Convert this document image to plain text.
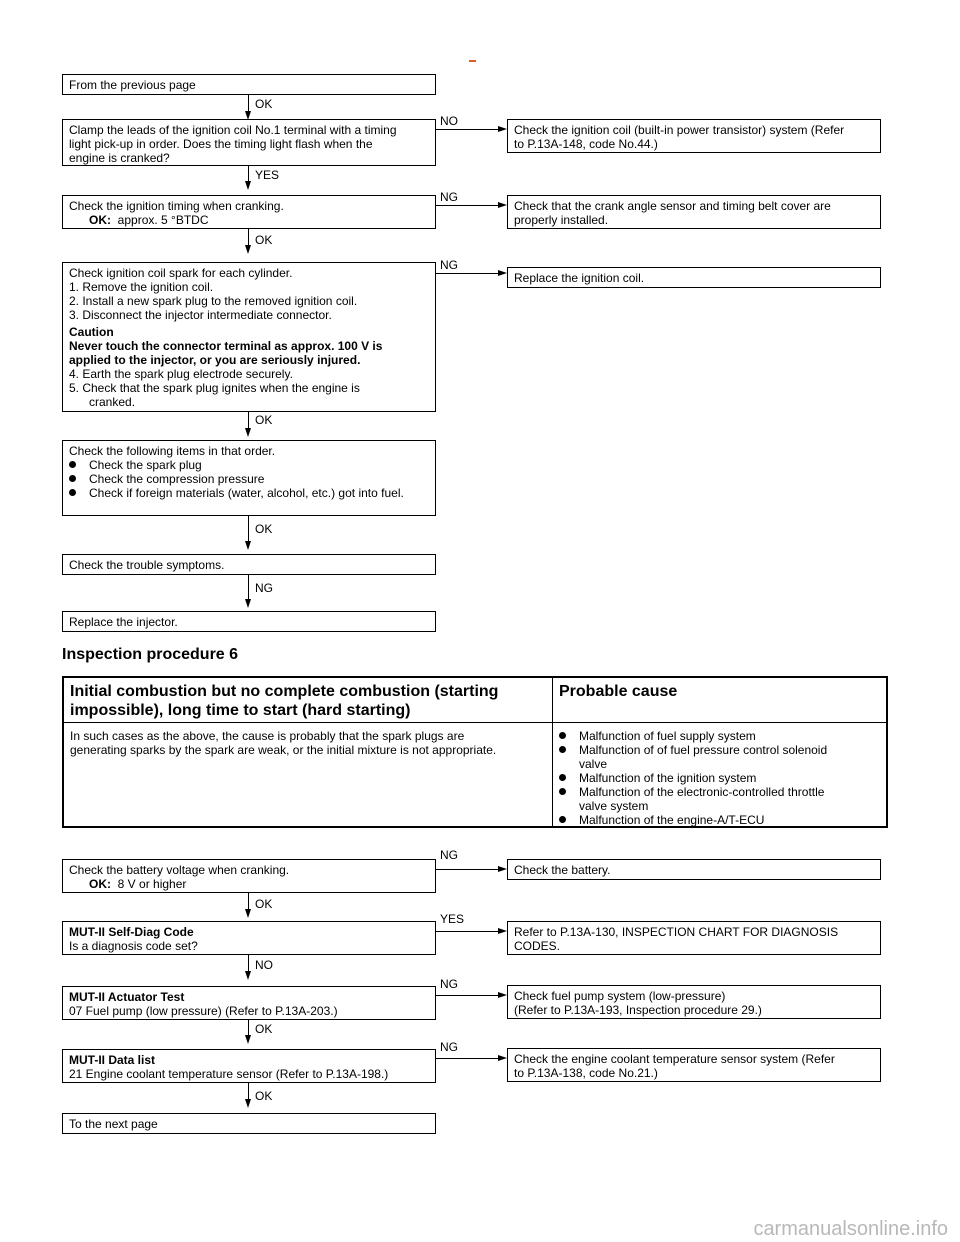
From the previous page
OK
Clamp the leads of the ignition coil No.1 terminal with a timing
light pick-up in order. Does the timing light flash when the
engine is cranked?
NO
Check the ignition coil (built-in power transistor) system (Refer
to P.13A-148, code No.44.)
YES
Check the ignition timing when cranking.
OK: approx. 5 °BTDC
NG
Check that the crank angle sensor and timing belt cover are
properly installed.
OK
Check ignition coil spark for each cylinder.
1. Remove the ignition coil.
2. Install a new spark plug to the removed ignition coil.
3. Disconnect the injector intermediate connector.
Caution
Never touch the connector terminal as approx. 100 V is
applied to the injector, or you are seriously injured.
4. Earth the spark plug electrode securely.
5. Check that the spark plug ignites when the engine is
cranked.
NG
Replace the ignition coil.
OK
Check the following items in that order.
Check the spark plug
Check the compression pressure
Check if foreign materials (water, alcohol, etc.) got into fuel.
OK
Check the trouble symptoms.
NG
Replace the injector.
Inspection procedure 6
Initial combustion but no complete combustion (starting
impossible), long time to start (hard starting)
Probable cause
In such cases as the above, the cause is probably that the spark plugs are
generating sparks by the spark are weak, or the initial mixture is not appropriate.
Malfunction of fuel supply system
Malfunction of of fuel pressure control solenoid valve
Malfunction of the ignition system
Malfunction of the electronic-controlled throttle valve system
Malfunction of the engine-A/T-ECU
Check the battery voltage when cranking.
OK: 8 V or higher
NG
Check the battery.
OK
MUT-II Self-Diag Code
Is a diagnosis code set?
YES
Refer to P.13A-130, INSPECTION CHART FOR DIAGNOSIS
CODES.
NO
MUT-II Actuator Test
07 Fuel pump (low pressure) (Refer to P.13A-203.)
NG
Check fuel pump system (low-pressure)
(Refer to P.13A-193, Inspection procedure 29.)
OK
MUT-II Data list
21 Engine coolant temperature sensor (Refer to P.13A-198.)
NG
Check the engine coolant temperature sensor system (Refer
to P.13A-138, code No.21.)
OK
To the next page
carmanualsonline.info
